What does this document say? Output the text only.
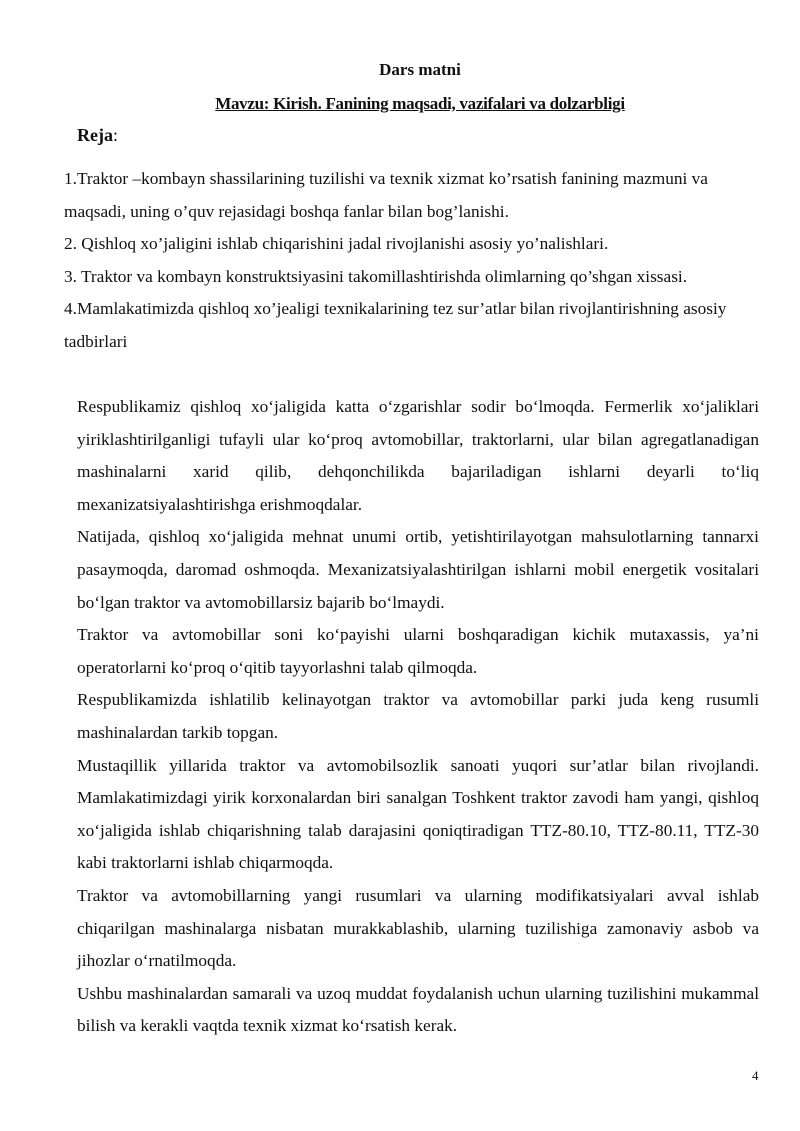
Dars matni
Mavzu: Kirish. Fanining maqsadi, vazifalari va dolzarbligi
Reja:
1.Traktor –kombayn shassilarining tuzilishi va texnik xizmat ko’rsatish fanining mazmuni va maqsadi, uning o’quv rejasidagi boshqa fanlar bilan bog’lanishi.
2. Qishloq xo’jaligini ishlab chiqarishini jadal rivojlanishi asosiy yo’nalishlari.
3. Traktor va kombayn konstruktsiyasini takomillashtirishda olimlarning qo’shgan xissasi.
4.Mamlakatimizda qishloq xo’jealigi texnikalarining tez sur’atlar bilan rivojlantirishning asosiy tadbirlari

Respublikamiz qishloq xo‘jaligida katta o‘zgarishlar sodir bo‘lmoqda. Fermerlik xo‘jaliklari yiriklashtirilganligi tufayli ular ko‘proq avtomobillar, traktorlarni, ular bilan agregatlanadigan mashinalarni xarid qilib, dehqonchilikda bajariladigan ishlarni deyarli to‘liq mexanizatsiyalashtirishga erishmoqdalar.

Natijada, qishloq xo‘jaligida mehnat unumi ortib, yetishtirilayotgan mahsulotlarning tannarxi pasaymoqda, daromad oshmoqda. Mexanizatsiyalashtirilgan ishlarni mobil energetik vositalari bo‘lgan traktor va avtomobillarsiz bajarib bo‘lmaydi.

Traktor va avtomobillar soni ko‘payishi ularni boshqaradigan kichik mutaxassis, ya’ni operatorlarni ko‘proq o‘qitib tayyorlashni talab qilmoqda.

Respublikamizda ishlatilib kelinayotgan traktor va avtomobillar parki juda keng rusumli mashinalardan tarkib topgan.

Mustaqillik yillarida traktor va avtomobilsozlik sanoati yuqori sur’atlar bilan rivojlandi. Mamlakatimizdagi yirik korxonalardan biri sanalgan Toshkent traktor zavodi ham yangi, qishloq xo‘jaligida ishlab chiqarishning talab darajasini qoniqtiradigan TTZ-80.10, TTZ-80.11, TTZ-30 kabi traktorlarni ishlab chiqarmoqda.

Traktor va avtomobillarning yangi rusumlari va ularning modifikatsiyalari avval ishlab chiqarilgan mashinalarga nisbatan murakkablashib, ularning tuzilishiga zamonaviy asbob va jihozlar o‘rnatilmoqda.

Ushbu mashinalardan samarali va uzoq muddat foydalanish uchun ularning tuzilishini mukammal bilish va kerakli vaqtda texnik xizmat ko‘rsatish kerak.

4
